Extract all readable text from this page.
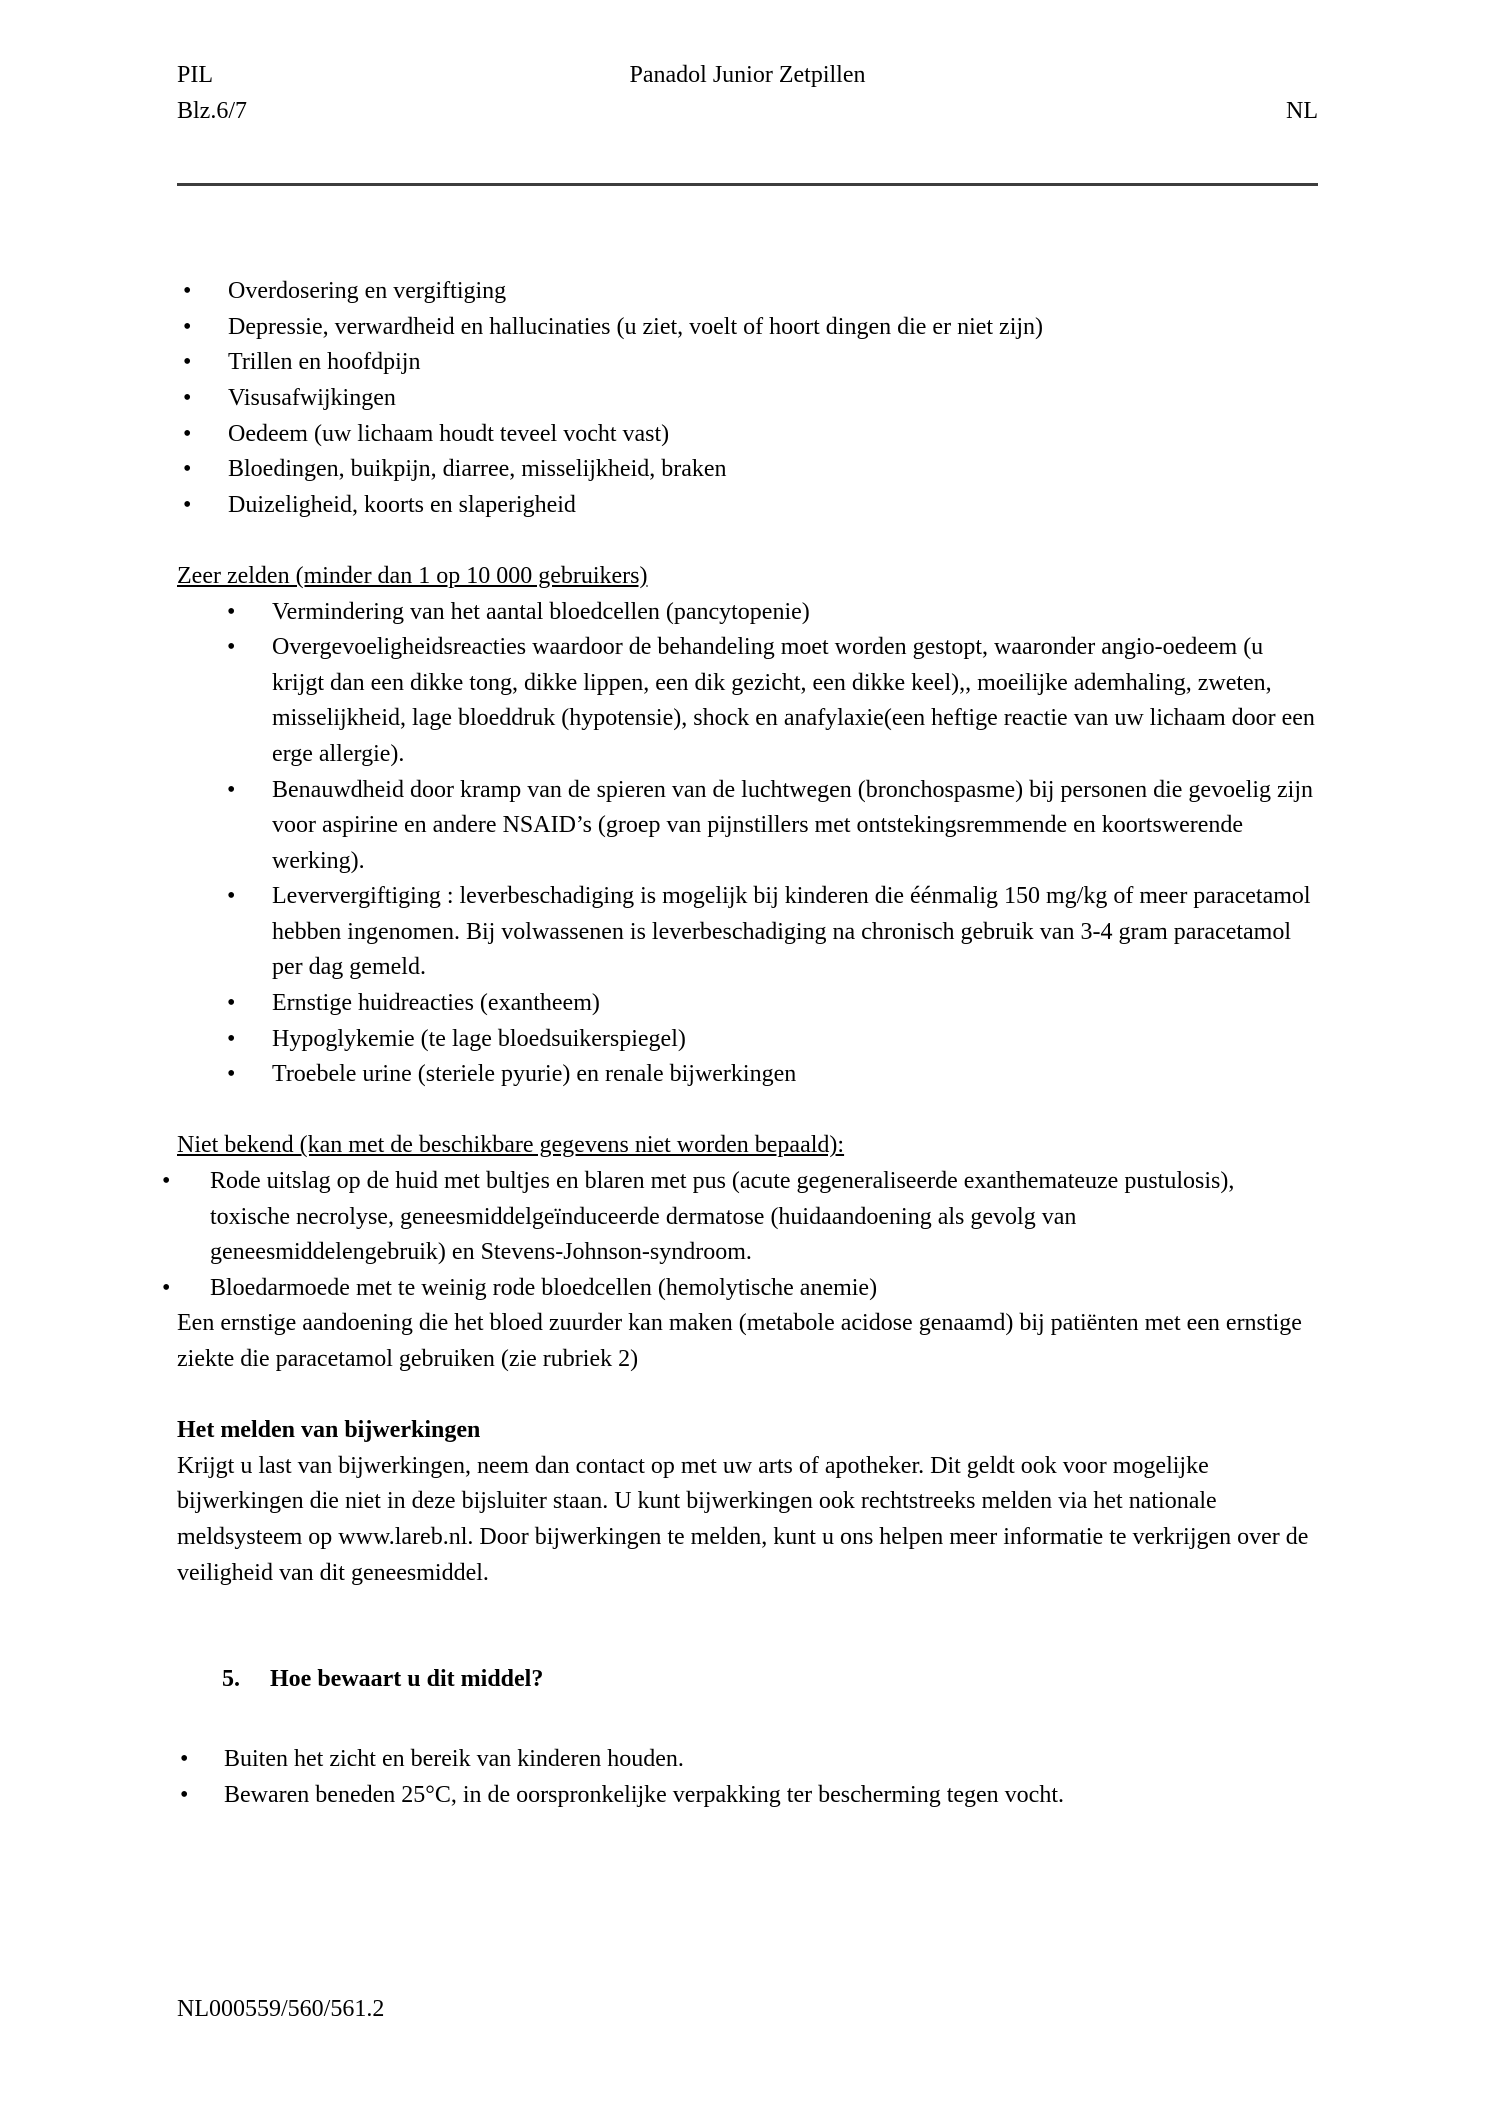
PIL	Panadol Junior Zetpillen
Blz.6/7	NL
• Overdosering en vergiftiging
• Depressie, verwardheid en hallucinaties (u ziet, voelt of hoort dingen die er niet zijn)
• Trillen en hoofdpijn
• Visusafwijkingen
• Oedeem (uw lichaam houdt teveel vocht vast)
• Bloedingen, buikpijn, diarree, misselijkheid, braken
• Duizeligheid, koorts en slaperigheid
Zeer zelden (minder dan 1 op 10 000 gebruikers)
• Vermindering van het aantal bloedcellen (pancytopenie)
• Overgevoeligheidsreacties waardoor de behandeling moet worden gestopt, waaronder angio-oedeem (u krijgt dan een dikke tong, dikke lippen, een dik gezicht, een dikke keel),, moeilijke ademhaling, zweten, misselijkheid, lage bloeddruk (hypotensie), shock en anafylaxie(een heftige reactie van uw lichaam door een erge allergie).
• Benauwdheid door kramp van de spieren van de luchtwegen (bronchospasme) bij personen die gevoelig zijn voor aspirine en andere NSAID’s (groep van pijnstillers met ontstekingsremmende en koortswerende werking).
• Leververgiftiging : leverbeschadiging is mogelijk bij kinderen die éénmalig 150 mg/kg of meer paracetamol hebben ingenomen. Bij volwassenen is leverbeschadiging na chronisch gebruik van 3-4 gram paracetamol per dag gemeld.
• Ernstige huidreacties (exantheem)
• Hypoglykemie (te lage bloedsuikerspiegel)
• Troebele urine (steriele pyurie) en renale bijwerkingen
Niet bekend (kan met de beschikbare gegevens niet worden bepaald):
• Rode uitslag op de huid met bultjes en blaren met pus (acute gegeneraliseerde exanthemateuze pustulosis), toxische necrolyse, geneesmiddelgeïnduceerde dermatose (huidaandoening als gevolg van geneesmiddelengebruik) en Stevens-Johnson-syndroom.
• Bloedarmoede met te weinig rode bloedcellen (hemolytische anemie)

Een ernstige aandoening die het bloed zuurder kan maken (metabole acidose genaamd) bij patiënten met een ernstige ziekte die paracetamol gebruiken (zie rubriek 2)

Het melden van bijwerkingen

Krijgt u last van bijwerkingen, neem dan contact op met uw arts of apotheker. Dit geldt ook voor mogelijke bijwerkingen die niet in deze bijsluiter staan. U kunt bijwerkingen ook rechtstreeks melden via het nationale meldsysteem op www.lareb.nl. Door bijwerkingen te melden, kunt u ons helpen meer informatie te verkrijgen over de veiligheid van dit geneesmiddel.

5. Hoe bewaart u dit middel?
• Buiten het zicht en bereik van kinderen houden.
• Bewaren beneden 25°C, in de oorspronkelijke verpakking ter bescherming tegen vocht.
NL000559/560/561.2
